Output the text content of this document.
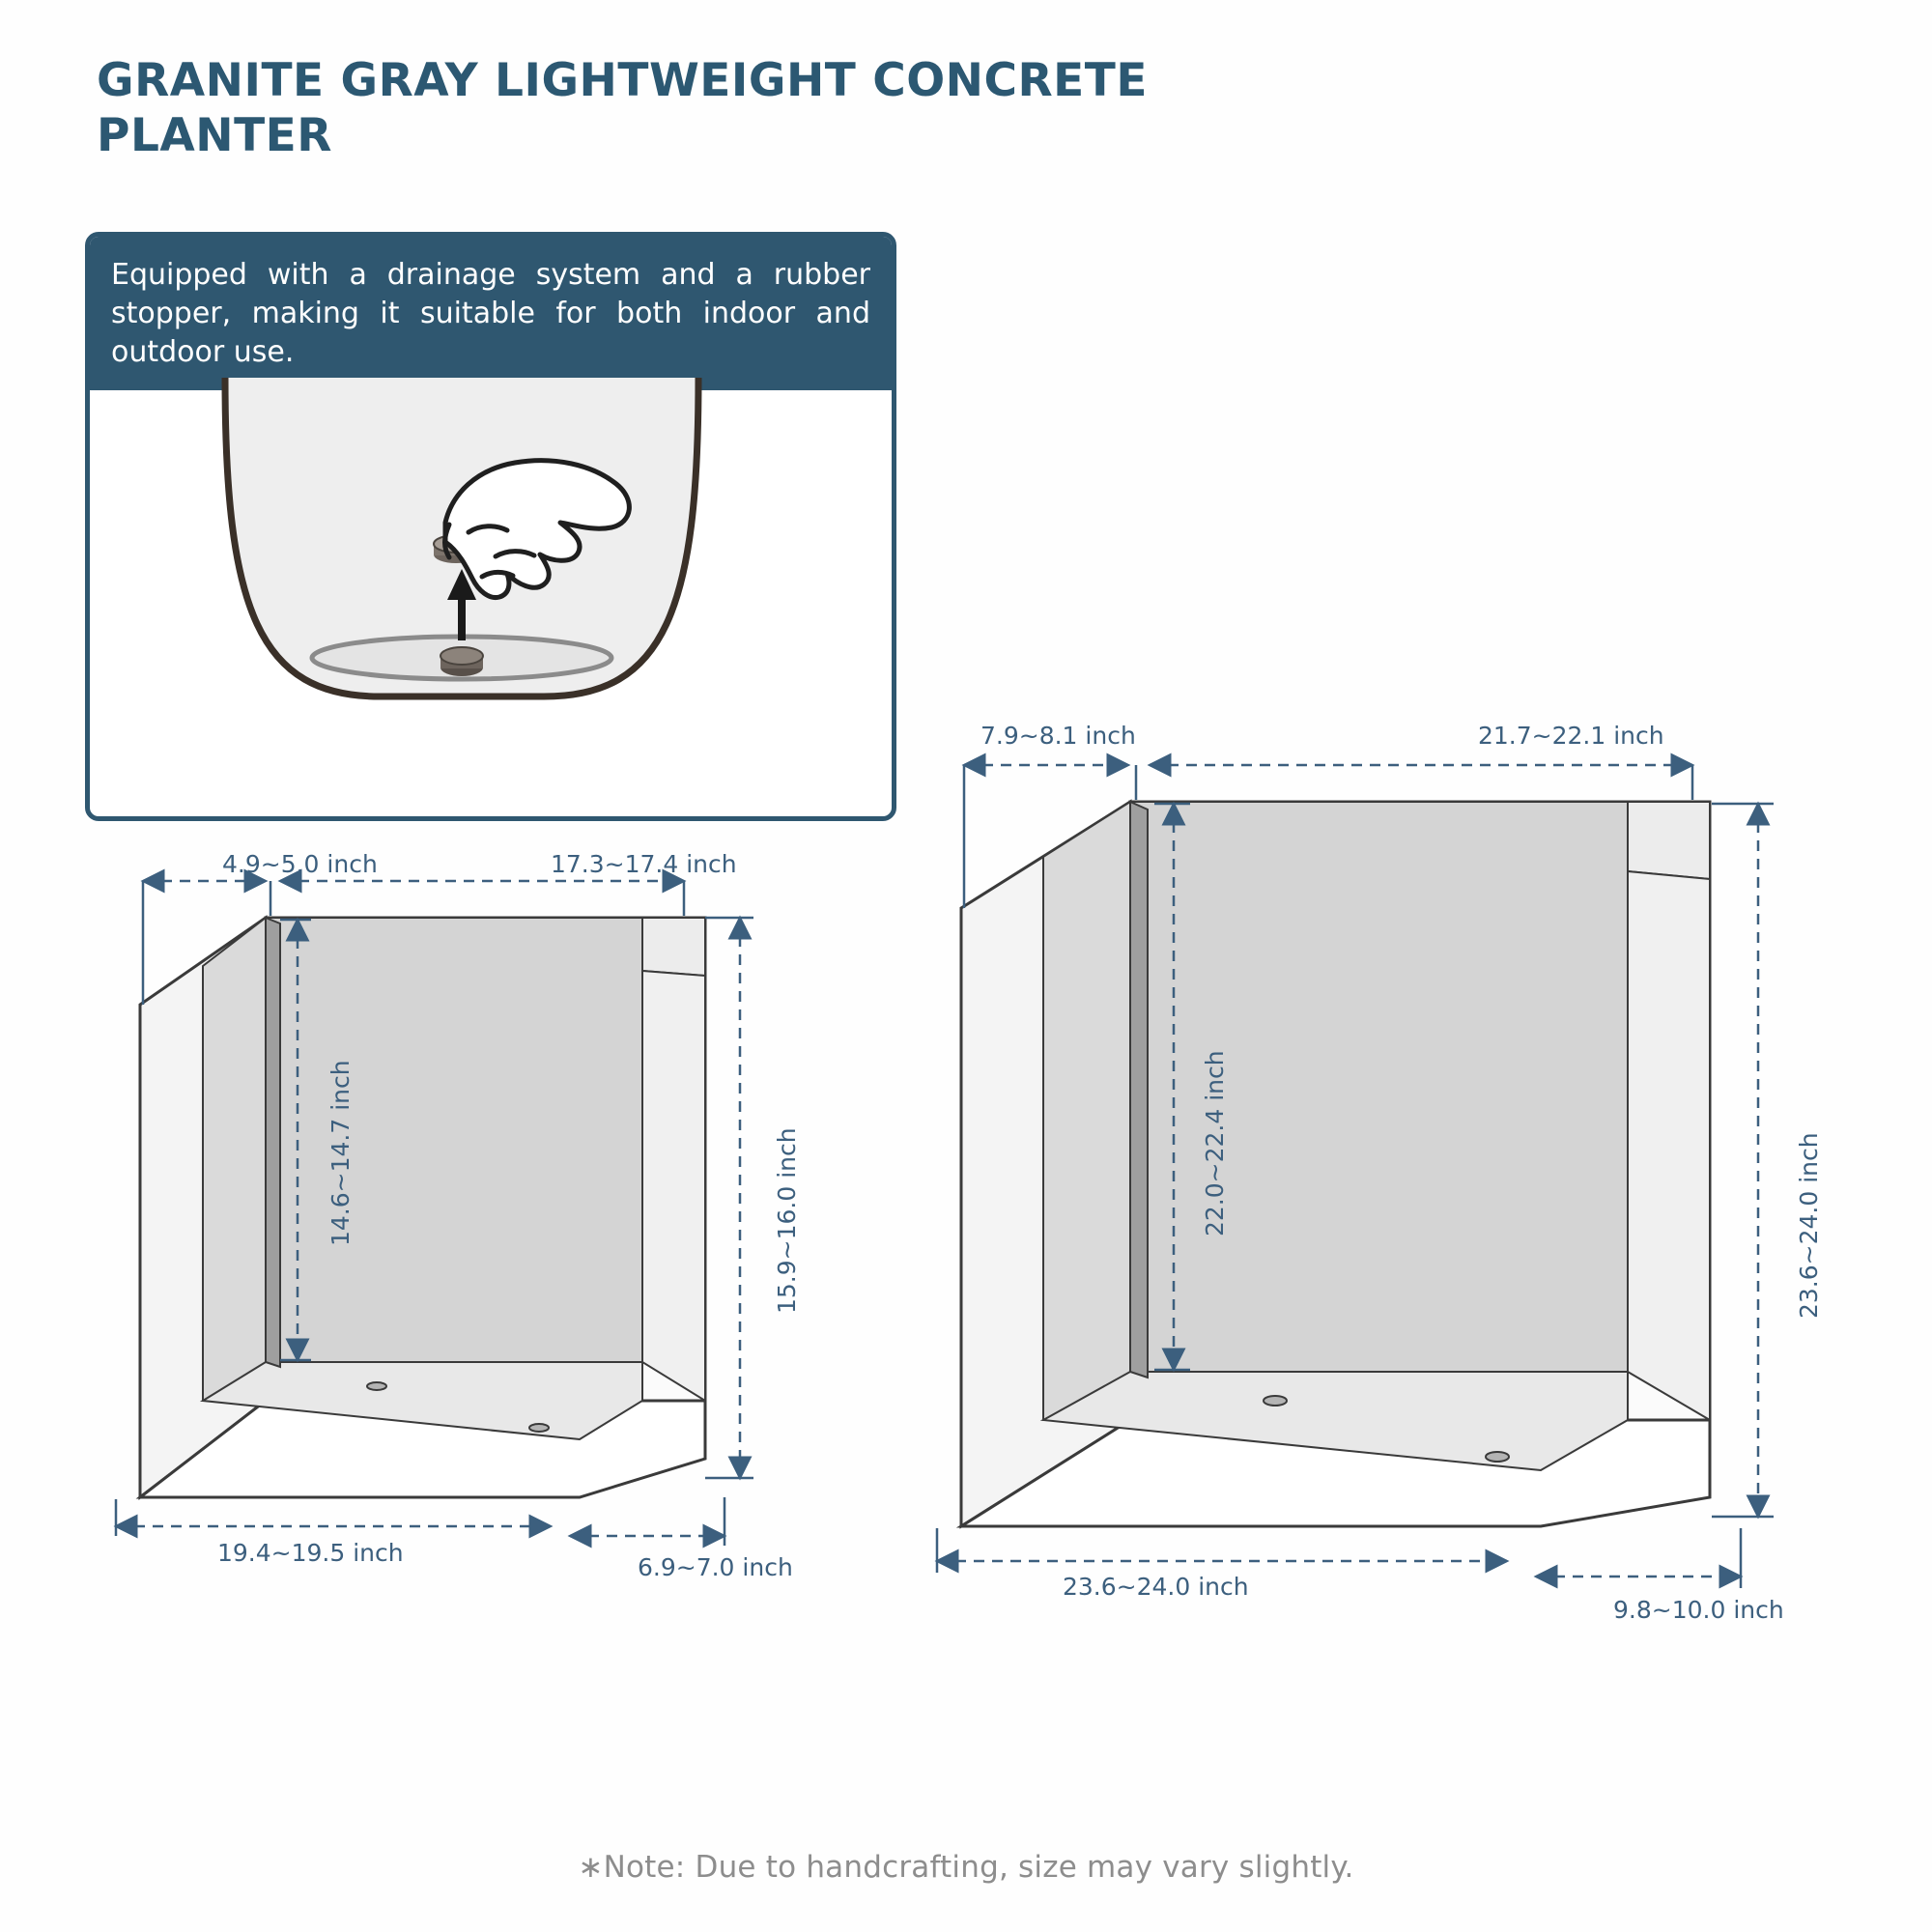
GRANITE GRAY LIGHTWEIGHT CONCRETE PLANTER
Equipped with a drainage system and a rubber stopper, making it suitable for both indoor and outdoor use.
4.9~5.0 inch	17.3~17.4 inch
14.6~14.7 inch	15.9~16.0 inch
19.4~19.5 inch
6.9~7.0 inch
7.9~8.1 inch	21.7~22.1 inch
22.0~22.4 inch	23.6~24.0 inch
23.6~24.0 inch
9.8~10.0 inch
∗Note: Due to handcrafting, size may vary slightly.
